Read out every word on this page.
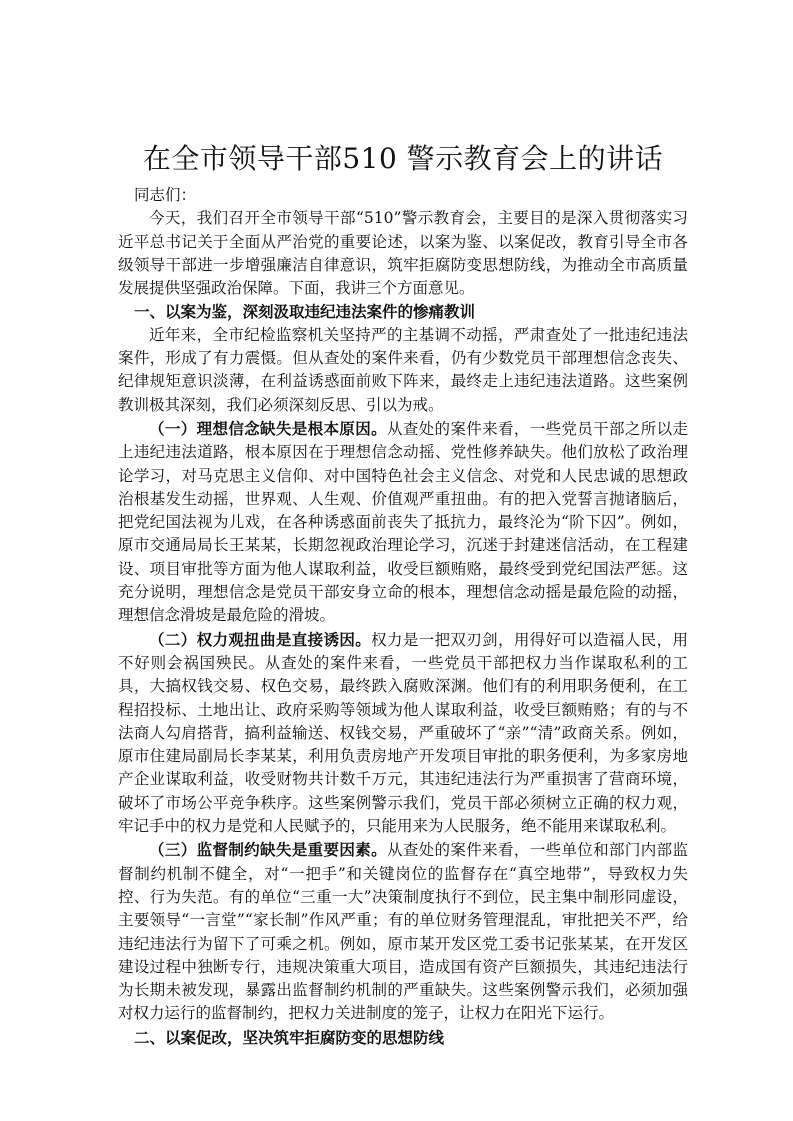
在全市领导干部510 警示教育会上的讲话

同志们：

今天，我们召开全市领导干部“510”警示教育会，主要目的是深入贯彻落实习近平总书记关于全面从严治党的重要论述，以案为鉴、以案促改，教育引导全市各级领导干部进一步增强廉洁自律意识，筑牢拒腐防变思想防线，为推动全市高质量发展提供坚强政治保障。下面，我讲三个方面意见。

一、以案为鉴，深刻汲取违纪违法案件的惨痛教训

近年来，全市纪检监察机关坚持严的主基调不动摇，严肃查处了一批违纪违法案件，形成了有力震慑。但从查处的案件来看，仍有少数党员干部理想信念丧失、纪律规矩意识淡薄，在利益诱惑面前败下阵来，最终走上违纪违法道路。这些案例教训极其深刻，我们必须深刻反思、引以为戒。

（一）理想信念缺失是根本原因。从查处的案件来看，一些党员干部之所以走上违纪违法道路，根本原因在于理想信念动摇、党性修养缺失。他们放松了政治理论学习，对马克思主义信仰、对中国特色社会主义信念、对党和人民忠诚的思想政治根基发生动摇，世界观、人生观、价值观严重扭曲。有的把入党誓言抛诸脑后，把党纪国法视为儿戏，在各种诱惑面前丧失了抵抗力，最终沦为“阶下囚”。例如，原市交通局局长王某某，长期忽视政治理论学习，沉迷于封建迷信活动，在工程建设、项目审批等方面为他人谋取利益，收受巨额贿赂，最终受到党纪国法严惩。这充分说明，理想信念是党员干部安身立命的根本，理想信念动摇是最危险的动摇，理想信念滑坡是最危险的滑坡。

（二）权力观扭曲是直接诱因。权力是一把双刃剑，用得好可以造福人民，用不好则会祸国殃民。从查处的案件来看，一些党员干部把权力当作谋取私利的工具，大搞权钱交易、权色交易，最终跌入腐败深渊。他们有的利用职务便利，在工程招投标、土地出让、政府采购等领域为他人谋取利益，收受巨额贿赂；有的与不法商人勾肩搭背，搞利益输送、权钱交易，严重破坏了“亲”“清”政商关系。例如，原市住建局副局长李某某，利用负责房地产开发项目审批的职务便利，为多家房地产企业谋取利益，收受财物共计数千万元，其违纪违法行为严重损害了营商环境，破坏了市场公平竞争秩序。这些案例警示我们，党员干部必须树立正确的权力观，牢记手中的权力是党和人民赋予的，只能用来为人民服务，绝不能用来谋取私利。

（三）监督制约缺失是重要因素。从查处的案件来看，一些单位和部门内部监督制约机制不健全，对“一把手”和关键岗位的监督存在“真空地带”，导致权力失控、行为失范。有的单位“三重一大”决策制度执行不到位，民主集中制形同虚设，主要领导“一言堂”“家长制”作风严重；有的单位财务管理混乱，审批把关不严，给违纪违法行为留下了可乘之机。例如，原市某开发区党工委书记张某某，在开发区建设过程中独断专行，违规决策重大项目，造成国有资产巨额损失，其违纪违法行为长期未被发现，暴露出监督制约机制的严重缺失。这些案例警示我们，必须加强对权力运行的监督制约，把权力关进制度的笼子，让权力在阳光下运行。

二、以案促改，坚决筑牢拒腐防变的思想防线
